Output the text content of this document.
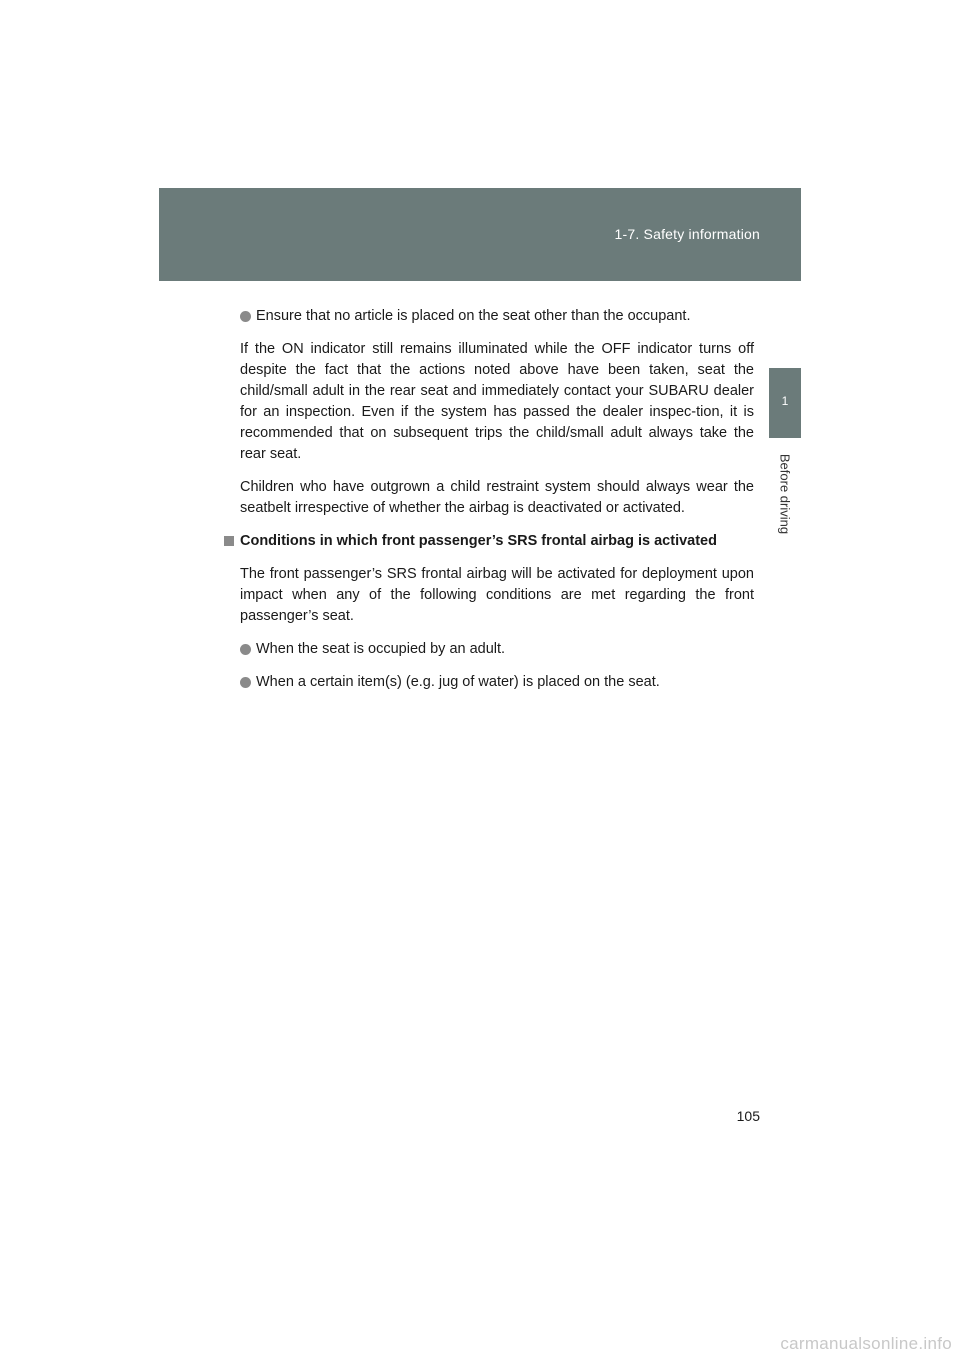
1-7. Safety information
1
Before driving
Ensure that no article is placed on the seat other than the occupant.

If the ON indicator still remains illuminated while the OFF indicator turns off despite the fact that the actions noted above have been taken, seat the child/small adult in the rear seat and immediately contact your SUBARU dealer for an inspection. Even if the system has passed the dealer inspec-tion, it is recommended that on subsequent trips the child/small adult always take the rear seat.

Children who have outgrown a child restraint system should always wear the seatbelt irrespective of whether the airbag is deactivated or activated.

Conditions in which front passenger’s SRS frontal airbag is activated

The front passenger’s SRS frontal airbag will be activated for deployment upon impact when any of the following conditions are met regarding the front passenger’s seat.

When the seat is occupied by an adult.
When a certain item(s) (e.g. jug of water) is placed on the seat.
105
carmanualsonline.info
